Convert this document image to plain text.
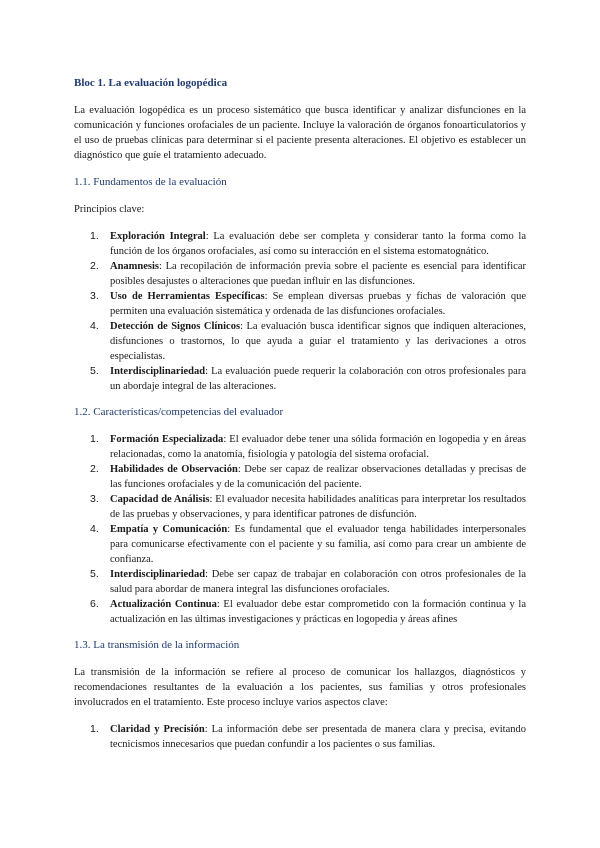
Bloc 1. La evaluación logopédica

La evaluación logopédica es un proceso sistemático que busca identificar y analizar disfunciones en la comunicación y funciones orofaciales de un paciente. Incluye la valoración de órganos fonoarticulatorios y el uso de pruebas clínicas para determinar si el paciente presenta alteraciones. El objetivo es establecer un diagnóstico que guíe el tratamiento adecuado.

1.1. Fundamentos de la evaluación

Principios clave:

1. Exploración Integral: La evaluación debe ser completa y considerar tanto la forma como la función de los órganos orofaciales, así como su interacción en el sistema estomatognático.
2. Anamnesis: La recopilación de información previa sobre el paciente es esencial para identificar posibles desajustes o alteraciones que puedan influir en las disfunciones.
3. Uso de Herramientas Específicas: Se emplean diversas pruebas y fichas de valoración que permiten una evaluación sistemática y ordenada de las disfunciones orofaciales.
4. Detección de Signos Clínicos: La evaluación busca identificar signos que indiquen alteraciones, disfunciones o trastornos, lo que ayuda a guiar el tratamiento y las derivaciones a otros especialistas.
5. Interdisciplinariedad: La evaluación puede requerir la colaboración con otros profesionales para un abordaje integral de las alteraciones.
1.2. Características/competencias del evaluador
1. Formación Especializada: El evaluador debe tener una sólida formación en logopedia y en áreas relacionadas, como la anatomía, fisiología y patología del sistema orofacial.
2. Habilidades de Observación: Debe ser capaz de realizar observaciones detalladas y precisas de las funciones orofaciales y de la comunicación del paciente.
3. Capacidad de Análisis: El evaluador necesita habilidades analíticas para interpretar los resultados de las pruebas y observaciones, y para identificar patrones de disfunción.
4. Empatía y Comunicación: Es fundamental que el evaluador tenga habilidades interpersonales para comunicarse efectivamente con el paciente y su familia, así como para crear un ambiente de confianza.
5. Interdisciplinariedad: Debe ser capaz de trabajar en colaboración con otros profesionales de la salud para abordar de manera integral las disfunciones orofaciales.
6. Actualización Continua: El evaluador debe estar comprometido con la formación continua y la actualización en las últimas investigaciones y prácticas en logopedia y áreas afines
1.3. La transmisión de la información

La transmisión de la información se refiere al proceso de comunicar los hallazgos, diagnósticos y recomendaciones resultantes de la evaluación a los pacientes, sus familias y otros profesionales involucrados en el tratamiento. Este proceso incluye varios aspectos clave:

1. Claridad y Precisión: La información debe ser presentada de manera clara y precisa, evitando tecnicismos innecesarios que puedan confundir a los pacientes o sus familias.
